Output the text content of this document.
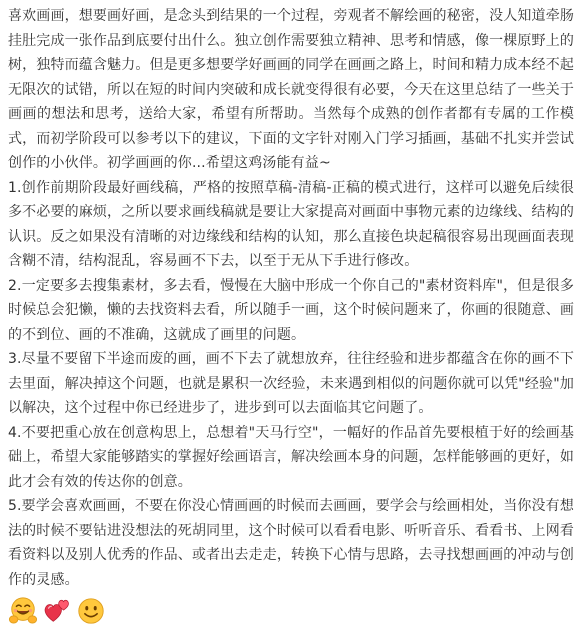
喜欢画画，想要画好画，是念头到结果的一个过程，旁观者不解绘画的秘密，没人知道牵肠挂肚完成一张作品到底要付出什么。独立创作需要独立精神、思考和情感，像一棵原野上的树，独特而蕴含魅力。但是更多想要学好画画的同学在画画之路上，时间和精力成本经不起无限次的试错，所以在短的时间内突破和成长就变得很有必要，今天在这里总结了一些关于画画的想法和思考，送给大家，希望有所帮助。当然每个成熟的创作者都有专属的工作模式，而初学阶段可以参考以下的建议，下面的文字针对刚入门学习插画，基础不扎实并尝试创作的小伙伴。初学画画的你...希望这鸡汤能有益~

1.创作前期阶段最好画线稿，严格的按照草稿-清稿-正稿的模式进行，这样可以避免后续很多不必要的麻烦，之所以要求画线稿就是要让大家提高对画面中事物元素的边缘线、结构的认识。反之如果没有清晰的对边缘线和结构的认知，那么直接色块起稿很容易出现画面表现含糊不清，结构混乱，容易画不下去，以至于无从下手进行修改。

2.一定要多去搜集素材，多去看，慢慢在大脑中形成一个你自己的"素材资料库"，但是很多时候总会犯懒，懒的去找资料去看，所以随手一画，这个时候问题来了，你画的很随意、画的不到位、画的不准确，这就成了画里的问题。

3.尽量不要留下半途而废的画，画不下去了就想放弃，往往经验和进步都蕴含在你的画不下去里面，解决掉这个问题，也就是累积一次经验，未来遇到相似的问题你就可以凭"经验"加以解决，这个过程中你已经进步了，进步到可以去面临其它问题了。

4.不要把重心放在创意构思上，总想着"天马行空"，一幅好的作品首先要根植于好的绘画基础上，希望大家能够踏实的掌握好绘画语言，解决绘画本身的问题，怎样能够画的更好，如此才会有效的传达你的创意。

5.要学会喜欢画画，不要在你没心情画画的时候而去画画，要学会与绘画相处，当你没有想法的时候不要钻进没想法的死胡同里，这个时候可以看看电影、听听音乐、看看书、上网看看资料以及别人优秀的作品、或者出去走走，转换下心情与思路，去寻找想画画的冲动与创作的灵感。
